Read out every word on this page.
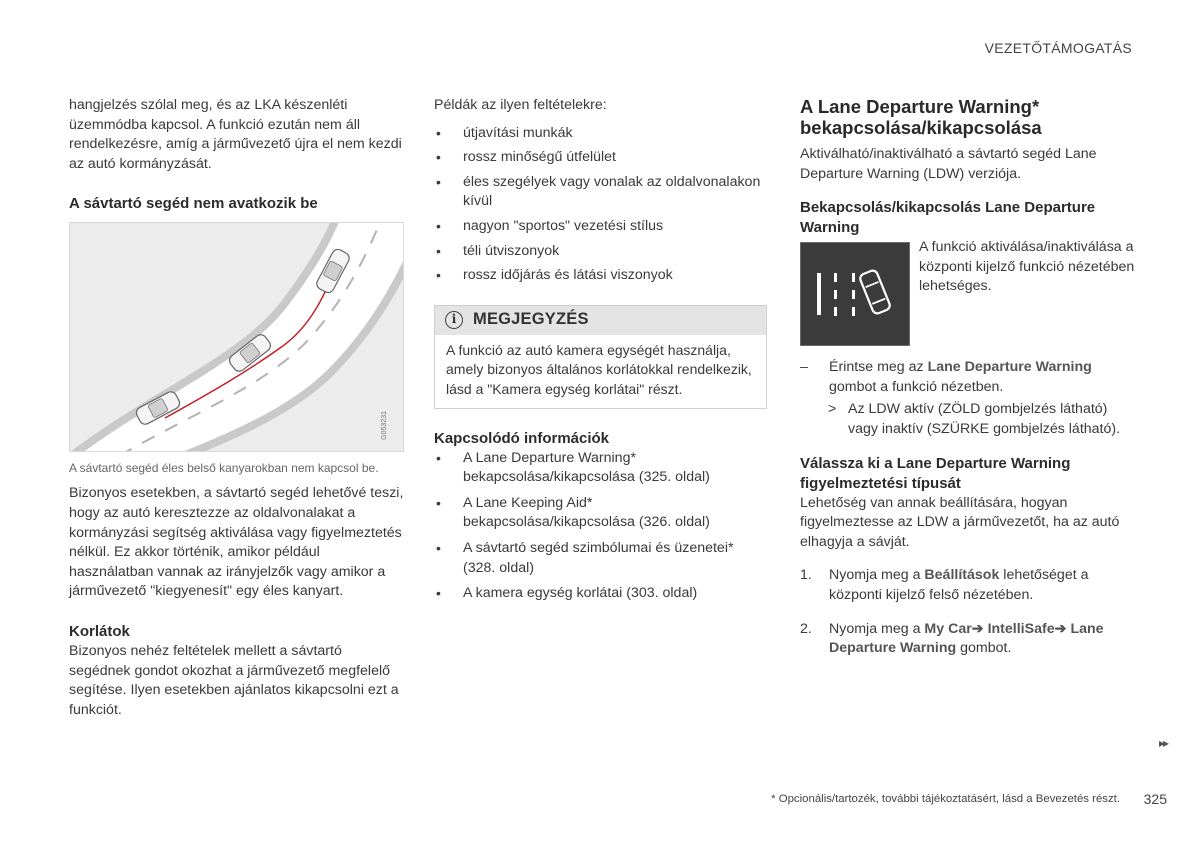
VEZETŐTÁMOGATÁS

hangjelzés szólal meg, és az LKA készenléti üzemmódba kapcsol. A funkció ezután nem áll rendelkezésre, amíg a járművezető újra el nem kezdi az autó kormányzását.

A sávtartó segéd nem avatkozik be
G053231
A sávtartó segéd éles belső kanyarokban nem kapcsol be.

Bizonyos esetekben, a sávtartó segéd lehetővé teszi, hogy az autó keresztezze az oldalvonalakat a kormányzási segítség aktiválása vagy figyelmeztetés nélkül. Ez akkor történik, amikor például használatban vannak az irányjelzők vagy amikor a járművezető "kiegyenesít" egy éles kanyart.

Korlátok

Bizonyos nehéz feltételek mellett a sávtartó segédnek gondot okozhat a járművezető megfelelő segítése. Ilyen esetekben ajánlatos kikapcsolni ezt a funkciót.

Példák az ilyen feltételekre:

• útjavítási munkák
• rossz minőségű útfelület
• éles szegélyek vagy vonalak az oldalvonalakon kívül
• nagyon "sportos" vezetési stílus
• téli útviszonyok
• rossz időjárás és látási viszonyok
i	MEGJEGYZÉS
A funkció az autó kamera egységét használja, amely bizonyos általános korlátokkal rendelkezik, lásd a "Kamera egység korlátai" részt.
Kapcsolódó információk
• A Lane Departure Warning* bekapcsolása/kikapcsolása (325. oldal)
• A Lane Keeping Aid* bekapcsolása/kikapcsolása (326. oldal)
• A sávtartó segéd szimbólumai és üzenetei* (328. oldal)
• A kamera egység korlátai (303. oldal)
A Lane Departure Warning* bekapcsolása/kikapcsolása

Aktiválható/inaktiválható a sávtartó segéd Lane Departure Warning (LDW) verziója.

Bekapcsolás/kikapcsolás Lane Departure Warning

A funkció aktiválása/inaktiválása a központi kijelző funkció nézetében lehetséges.

– Érintse meg az Lane Departure Warning gombot a funkció nézetben.
> Az LDW aktív (ZÖLD gombjelzés látható) vagy inaktív (SZÜRKE gombjelzés látható).
Válassza ki a Lane Departure Warning figyelmeztetési típusát

Lehetőség van annak beállítására, hogyan figyelmeztesse az LDW a járművezetőt, ha az autó elhagyja a sávját.

1. Nyomja meg a Beállítások lehetőséget a központi kijelző felső nézetében.
2. Nyomja meg a My Car➔ IntelliSafe➔ Lane Departure Warning gombot.
▸▸
* Opcionális/tartozék, további tájékoztatásért, lásd a Bevezetés részt. 325
